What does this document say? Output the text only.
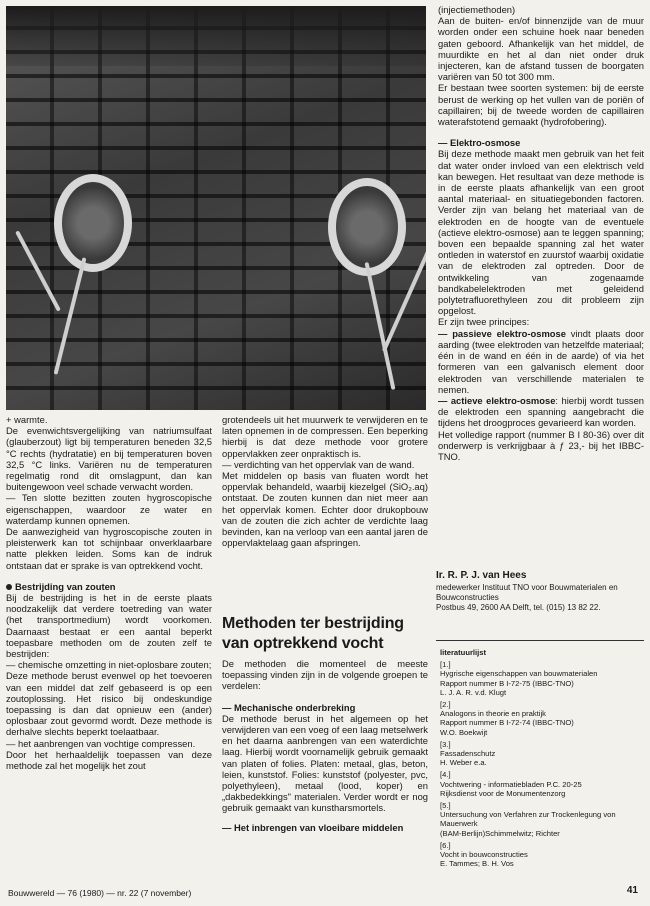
(injectiemethoden)

Aan de buiten- en/of binnenzijde van de muur worden onder een schuine hoek naar beneden gaten geboord. Afhankelijk van het middel, de muurdikte en het al dan niet onder druk injecteren, kan de afstand tussen de boorgaten variëren van 50 tot 300 mm.

Er bestaan twee soorten systemen: bij de eerste berust de werking op het vullen van de poriën of capillairen; bij de tweede worden de capillairen waterafstotend gemaakt (hydrofobering).

— Elektro-osmose

Bij deze methode maakt men gebruik van het feit dat water onder invloed van een elektrisch veld kan bewegen. Het resultaat van deze methode is in de eerste plaats afhankelijk van een groot aantal materiaal- en situatiegebonden factoren. Verder zijn van belang het materiaal van de elektroden en de hoogte van de eventuele (actieve elektro-osmose) aan te leggen spanning; boven een bepaalde spanning zal het water ontleden in waterstof en zuurstof waarbij oxidatie van de elektroden zal optreden. Door de ontwikkeling van zogenaamde bandkabelelektroden met geleidend polytetrafluorethyleen zou dit probleem zijn opgelost.

Er zijn twee principes:

— passieve elektro-osmose vindt plaats door aarding (twee elektroden van hetzelfde materiaal; één in de wand en één in de aarde) of via het formeren van een galvanisch element door elektroden van verschillende materialen te nemen.

— actieve elektro-osmose: hierbij wordt tussen de elektroden een spanning aangebracht die tijdens het droogproces gevarieerd kan worden.

Het volledige rapport (nummer B I 80-36) over dit onderwerp is verkrijgbaar à ƒ 23,- bij het IBBC-TNO.

Ir. R. P. J. van Hees
medewerker Instituut TNO voor Bouwmaterialen en Bouwconstructies
Postbus 49, 2600 AA Delft, tel. (015) 13 82 22.
literatuurlijst
[1.]
Hygrische eigenschappen van bouwmaterialen
Rapport nummer B I-72-75 (IBBC-TNO)
L. J. A. R. v.d. Klugt
[2.]
Analogons in theorie en praktijk
Rapport nummer B I-72-74 (IBBC-TNO)
W.O. Boekwijt
[3.]
Fassadenschutz
H. Weber e.a.
[4.]
Vochtwering - informatiebladen P.C. 20-25
Rijksdienst voor de Monumentenzorg
[5.]
Untersuchung von Verfahren zur Trockenlegung von Mauerwerk
(BAM-Berlijn)Schimmelwitz; Richter
[6.]
Vocht in bouwconstructies
E. Tammes; B. H. Vos

+ warmte.

De evenwichtsvergelijking van natriumsulfaat (glauberzout) ligt bij temperaturen beneden 32,5 °C rechts (hydratatie) en bij temperaturen boven 32,5 °C links. Variëren nu de temperaturen regelmatig rond dit omslagpunt, dan kan buitengewoon veel schade verwacht worden.

— Ten slotte bezitten zouten hygroscopische eigenschappen, waardoor ze water en waterdamp kunnen opnemen.

De aanwezigheid van hygroscopische zouten in pleisterwerk kan tot schijnbaar onverklaarbare natte plekken leiden. Soms kan de indruk ontstaan dat er sprake is van optrekkend vocht.

Bestrijding van zouten

Bij de bestrijding is het in de eerste plaats noodzakelijk dat verdere toetreding van water (het transportmedium) wordt voorkomen. Daarnaast bestaat er een aantal beperkt toepasbare methoden om de zouten zelf te bestrijden:

— chemische omzetting in niet-oplosbare zouten;

Deze methode berust evenwel op het toevoeren van een middel dat zelf gebaseerd is op een zoutoplossing. Het risico bij ondeskundige toepassing is dan dat opnieuw een (ander) oplosbaar zout gevormd wordt. Deze methode is derhalve slechts beperkt toelaatbaar.

— het aanbrengen van vochtige compressen.

Door het herhaaldelijk toepassen van deze methode zal het mogelijk het zout

grotendeels uit het muurwerk te verwijderen en te laten opnemen in de compressen. Een beperking hierbij is dat deze methode voor grotere oppervlakken zeer onpraktisch is.

— verdichting van het oppervlak van de wand.

Met middelen op basis van fluaten wordt het oppervlak behandeld, waarbij kiezelgel (SiO₂.aq) ontstaat. De zouten kunnen dan niet meer aan het oppervlak komen. Echter door drukopbouw van de zouten die zich achter de verdichte laag bevinden, kan na verloop van een aantal jaren de oppervlaktelaag gaan afspringen.

Methoden ter bestrijding van optrekkend vocht

De methoden die momenteel de meeste toepassing vinden zijn in de volgende groepen te verdelen:

— Mechanische onderbreking

De methode berust in het algemeen op het verwijderen van een voeg of een laag metselwerk en het daarna aanbrengen van een waterdichte laag. Hierbij wordt voornamelijk gebruik gemaakt van platen of folies. Platen: metaal, glas, beton, leien, kunststof. Folies: kunststof (polyester, pvc, polyethyleen), metaal (lood, koper) en „dakbedekkings" materialen. Verder wordt er nog gebruik gemaakt van kunstharsmortels.

— Het inbrengen van vloeibare middelen

Bouwwereld — 76 (1980) — nr. 22 (7 november)	41
